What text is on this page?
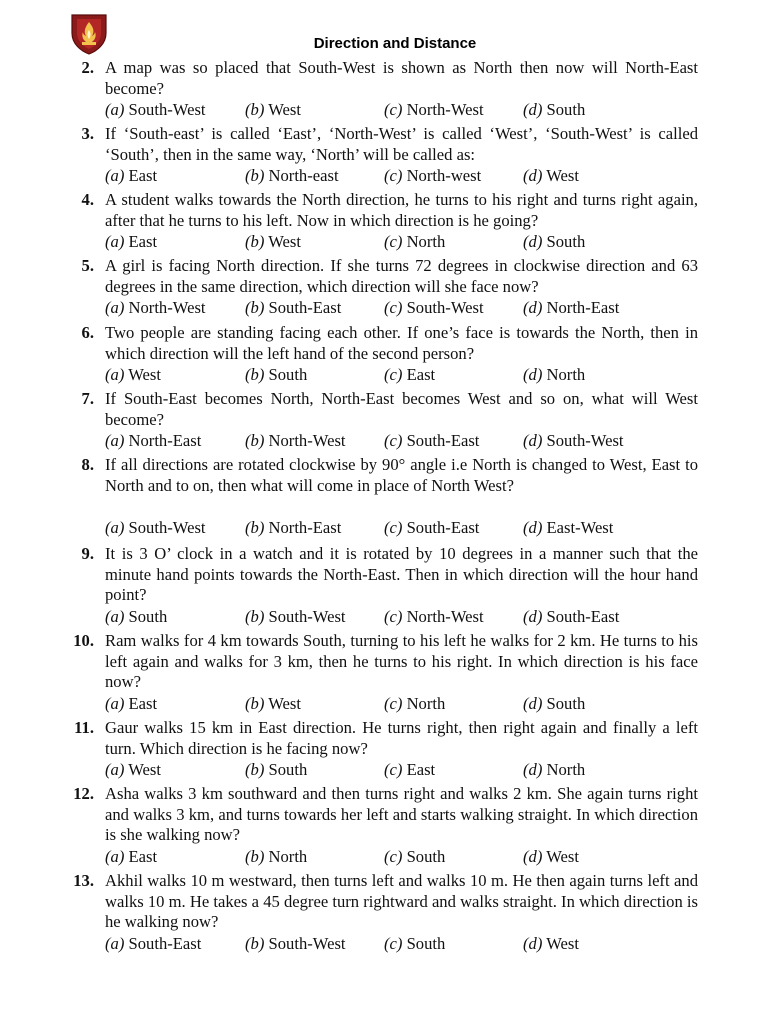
Direction and Distance
2. A map was so placed that South-West is shown as North then now will North-East become?
(a) South-West (b) West	(c) North-West (d) South
3. If ‘South-east’ is called ‘East’, ‘North-West’ is called ‘West’, ‘South-West’ is called ‘South’, then in the same way, ‘North’ will be called as:
(a) East	(b) North-east	(c) North-west	(d) West
4. A student walks towards the North direction, he turns to his right and turns right again, after that he turns to his left. Now in which direction is he going?
(a) East	(b) West	(c) North	(d) South
5. A girl is facing North direction. If she turns 72 degrees in clockwise direction and 63 degrees in the same direction, which direction will she face now?
(a) North-West (b) South-East	(c) South-West (d) North-East
6. Two people are standing facing each other. If one’s face is towards the North, then in which direction will the left hand of the second person?
(a) West	(b) South	(c) East	(d) North
7. If South-East becomes North, North-East becomes West and so on, what will West become?
(a) North-East	(b) North-West (c) South-East	(d) South-West
8. If all directions are rotated clockwise by 90° angle i.e North is changed to West, East to North and to on, then what will come in place of North West?
(a) South-West (b) North-East	(c) South-East	(d) East-West
9. It is 3 O’ clock in a watch and it is rotated by 10 degrees in a manner such that the minute hand points towards the North-East. Then in which direction will the hour hand point?
(a) South	(b) South-West (c) North-West (d) South-East
10. Ram walks for 4 km towards South, turning to his left he walks for 2 km. He turns to his left again and walks for 3 km, then he turns to his right. In which direction is his face now?
(a) East	(b) West	(c) North	(d) South
11. Gaur walks 15 km in East direction. He turns right, then right again and finally a left turn. Which direction is he facing now?
(a) West	(b) South	(c) East	(d) North
12. Asha walks 3 km southward and then turns right and walks 2 km. She again turns right and walks 3 km, and turns towards her left and starts walking straight. In which direction is she walking now?
(a) East	(b) North	(c) South	(d) West
13. Akhil walks 10 m westward, then turns left and walks 10 m. He then again turns left and walks 10 m. He takes a 45 degree turn rightward and walks straight. In which direction is he walking now?
(a) South-East	(b) South-West (c) South	(d) West
